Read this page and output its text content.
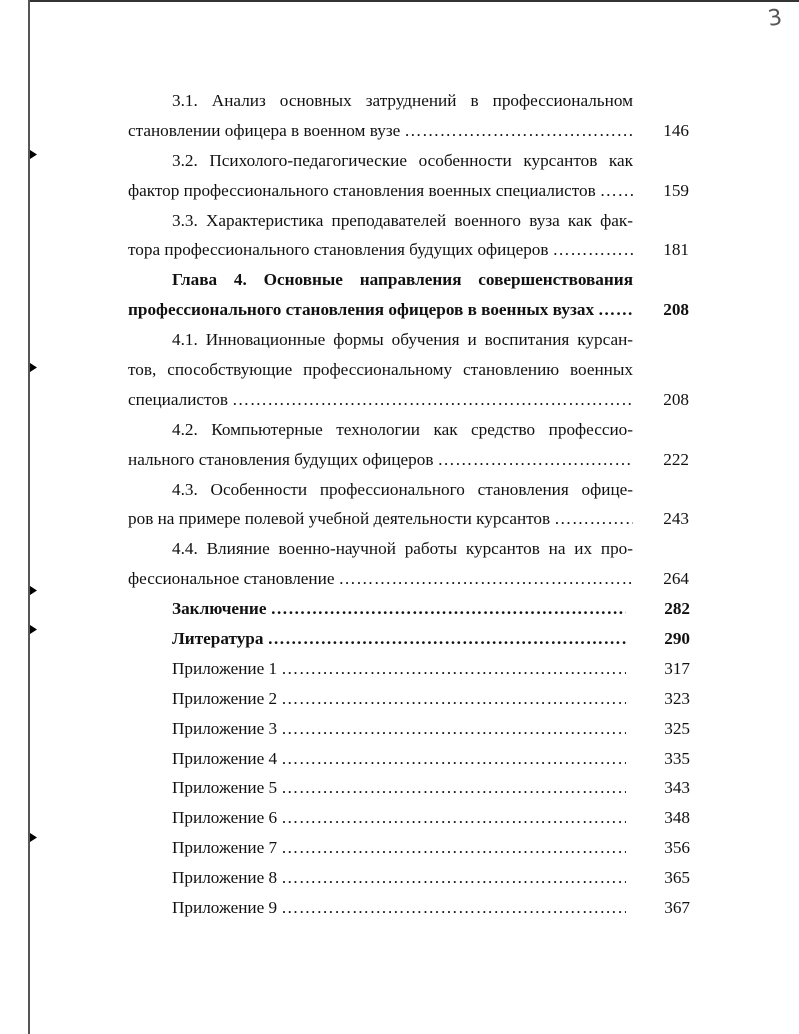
3
3.1. Анализ основных затруднений в профессиональном
становлении офицера в военном вузе ……………………………………………………………………………………………………………………	146
3.2. Психолого-педагогические особенности курсантов как
фактор профессионального становления военных специалистов ……………………………………………………………………………………………………………………	159
3.3. Характеристика преподавателей военного вуза как фак-
тора профессионального становления будущих офицеров ……………………………………………………………………………………………………………………	181
Глава 4. Основные направления совершенствования
профессионального становления офицеров в военных вузах ……………………………………………………………………………………………………………………	208
4.1. Инновационные формы обучения и воспитания курсан-
тов, способствующие профессиональному становлению военных
специалистов ……………………………………………………………………………………………………………………	208
4.2. Компьютерные технологии как средство профессио-
нального становления будущих офицеров ……………………………………………………………………………………………………………………	222
4.3. Особенности профессионального становления офице-
ров на примере полевой учебной деятельности курсантов ……………………………………………………………………………………………………………………	243
4.4. Влияние военно-научной работы курсантов на их про-
фессиональное становление ……………………………………………………………………………………………………………………	264
Заключение ……………………………………………………………………………………………………………………	282
Литература ……………………………………………………………………………………………………………………	290
Приложение 1 ……………………………………………………………………………………………………………………	317
Приложение 2 ……………………………………………………………………………………………………………………	323
Приложение 3 ……………………………………………………………………………………………………………………	325
Приложение 4 ……………………………………………………………………………………………………………………	335
Приложение 5 ……………………………………………………………………………………………………………………	343
Приложение 6 ……………………………………………………………………………………………………………………	348
Приложение 7 ……………………………………………………………………………………………………………………	356
Приложение 8 ……………………………………………………………………………………………………………………	365
Приложение 9 ……………………………………………………………………………………………………………………	367
